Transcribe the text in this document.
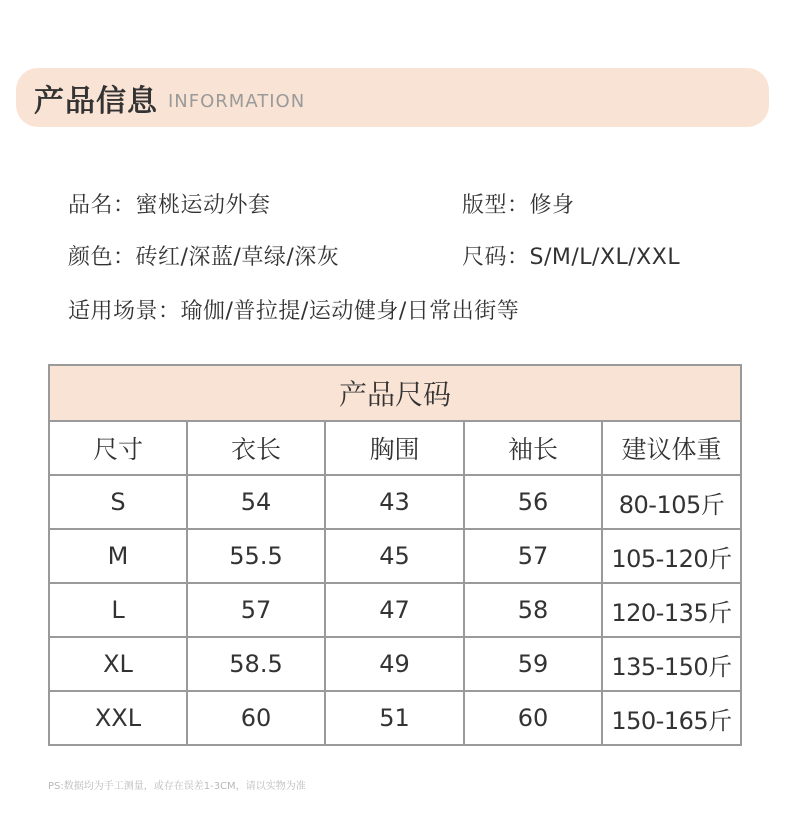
产品信息 INFORMATION
品名：蜜桃运动外套	版型：修身
颜色：砖红/深蓝/草绿/深灰	尺码：S/M/L/XL/XXL
适用场景：瑜伽/普拉提/运动健身/日常出街等
产品尺码				
尺寸	衣长	胸围	袖长	建议体重
S	54	43	56	80-105斤
M	55.5	45	57	105-120斤
L	57	47	58	120-135斤
XL	58.5	49	59	135-150斤
XXL	60	51	60	150-165斤
PS:数据均为手工测量，或存在误差1-3CM，请以实物为准
